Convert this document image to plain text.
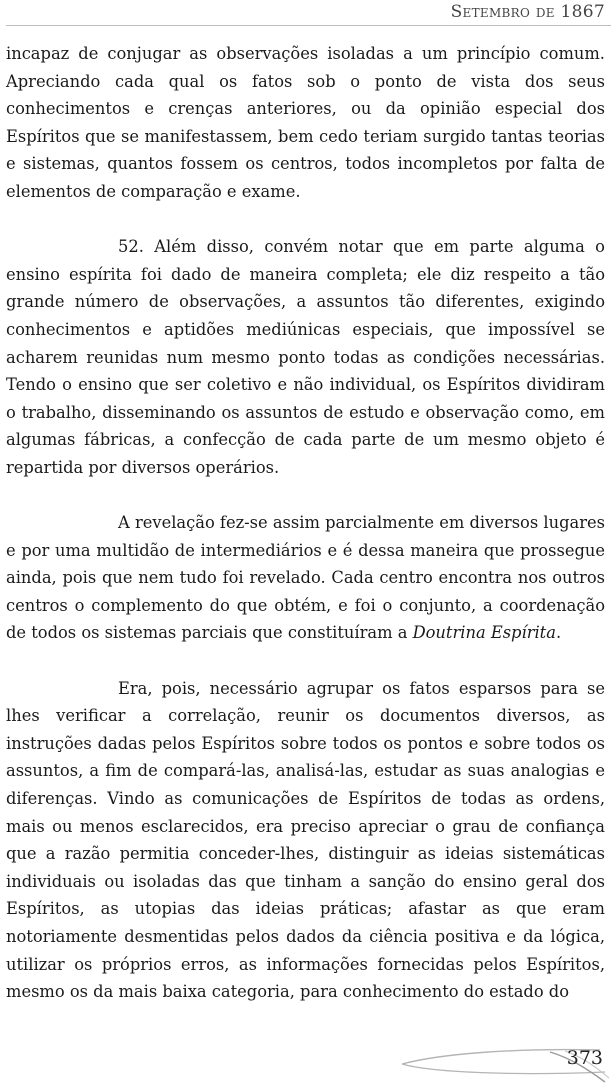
Setembro de 1867

incapaz de conjugar as observações isoladas a um princípio comum. Apreciando cada qual os fatos sob o ponto de vista dos seus conhecimentos e crenças anteriores, ou da opinião especial dos Espíritos que se manifestassem, bem cedo teriam surgido tantas teorias e sistemas, quantos fossem os centros, todos incompletos por falta de elementos de comparação e exame.

52. Além disso, convém notar que em parte alguma o ensino espírita foi dado de maneira completa; ele diz respeito a tão grande número de observações, a assuntos tão diferentes, exigindo conhecimentos e aptidões mediúnicas especiais, que impossível se acharem reunidas num mesmo ponto todas as condições necessárias. Tendo o ensino que ser coletivo e não individual, os Espíritos dividiram o trabalho, disseminando os assuntos de estudo e observação como, em algumas fábricas, a confecção de cada parte de um mesmo objeto é repartida por diversos operários.

A revelação fez-se assim parcialmente em diversos lugares e por uma multidão de intermediários e é dessa maneira que prossegue ainda, pois que nem tudo foi revelado. Cada centro encontra nos outros centros o complemento do que obtém, e foi o conjunto, a coordenação de todos os sistemas parciais que constituíram a Doutrina Espírita.

Era, pois, necessário agrupar os fatos esparsos para se lhes verificar a correlação, reunir os documentos diversos, as instruções dadas pelos Espíritos sobre todos os pontos e sobre todos os assuntos, a fim de compará-las, analisá-las, estudar as suas analogias e diferenças. Vindo as comunicações de Espíritos de todas as ordens, mais ou menos esclarecidos, era preciso apreciar o grau de confiança que a razão permitia conceder-lhes, distinguir as ideias sistemáticas individuais ou isoladas das que tinham a sanção do ensino geral dos Espíritos, as utopias das ideias práticas; afastar as que eram notoriamente desmentidas pelos dados da ciência positiva e da lógica, utilizar os próprios erros, as informações fornecidas pelos Espíritos, mesmo os da mais baixa categoria, para conhecimento do estado do

373
